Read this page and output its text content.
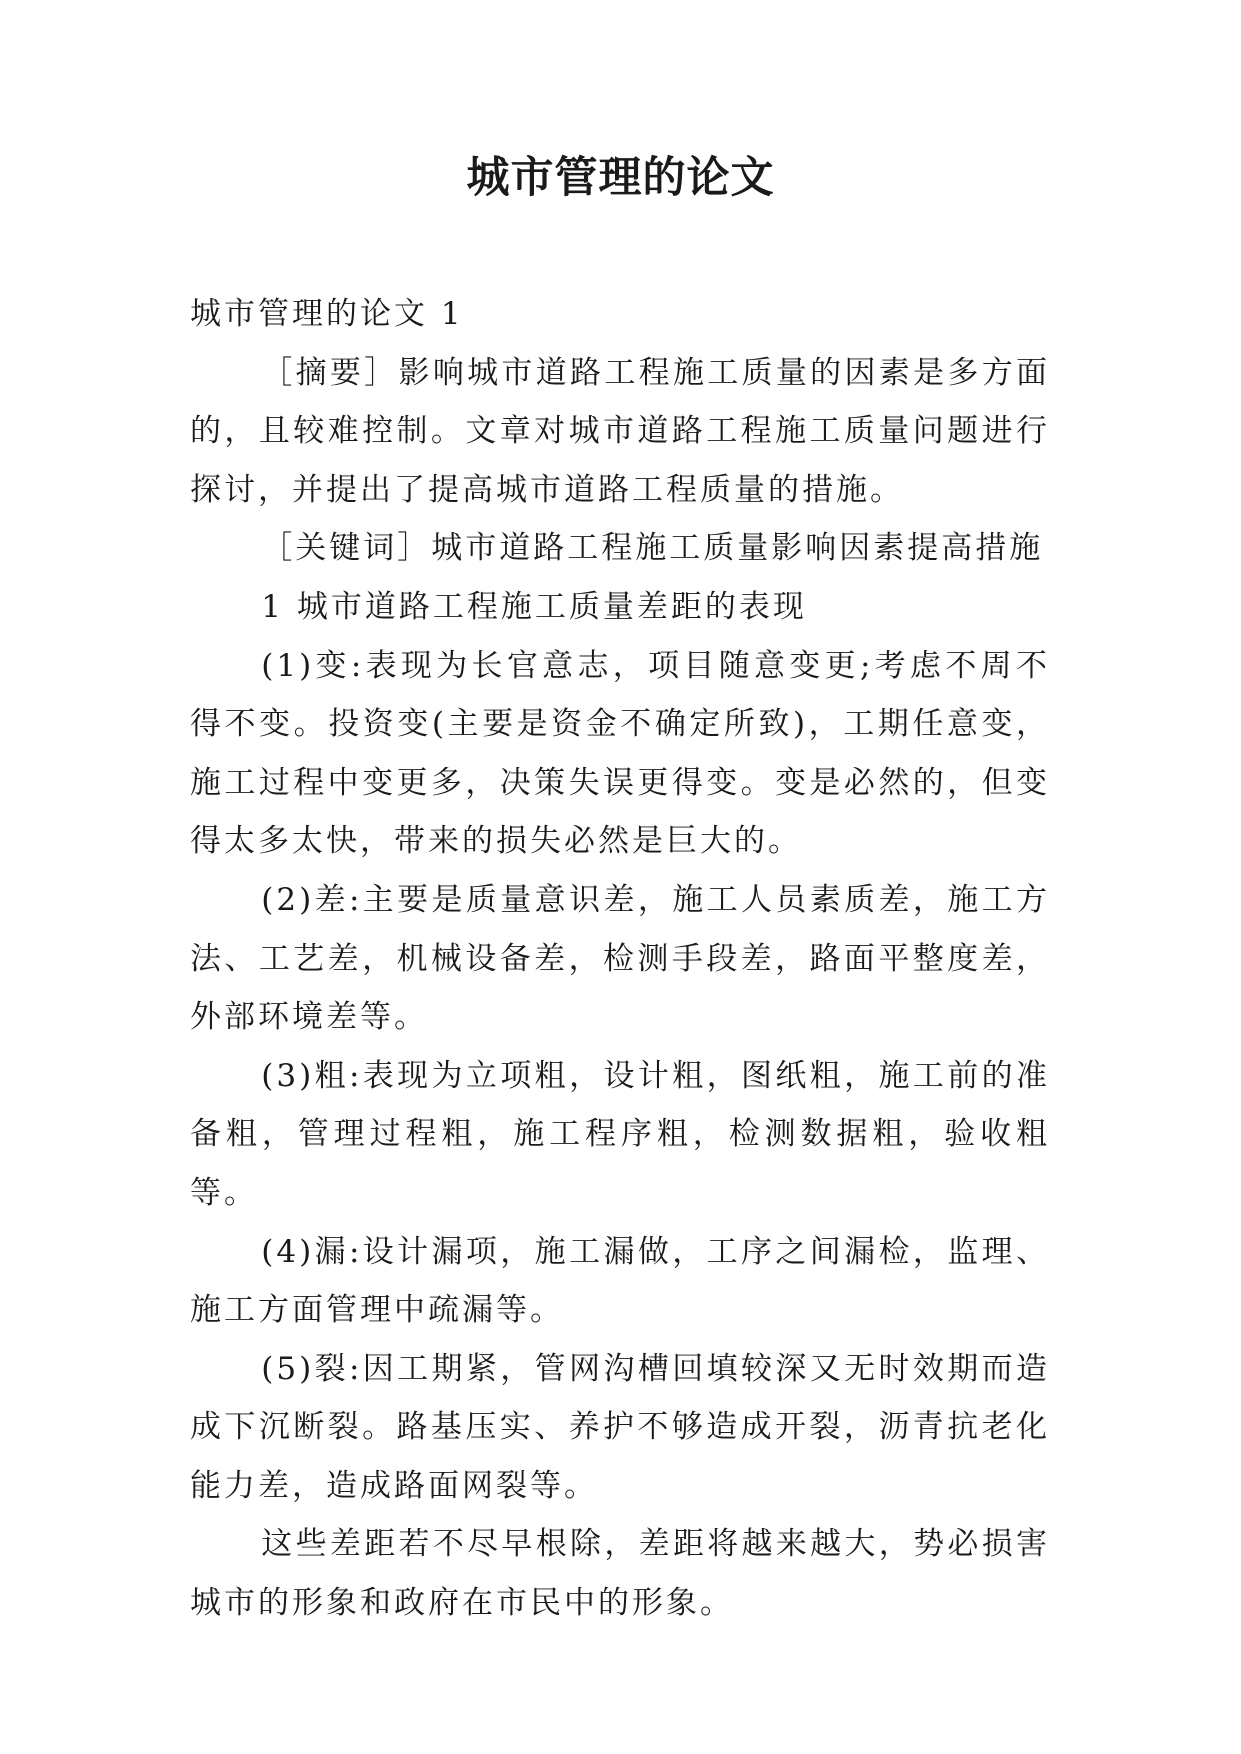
城市管理的论文

城市管理的论文 1

［摘要］影响城市道路工程施工质量的因素是多方面的，且较难控制。文章对城市道路工程施工质量问题进行探讨，并提出了提高城市道路工程质量的措施。

［关键词］城市道路工程施工质量影响因素提高措施

1 城市道路工程施工质量差距的表现

(1)变:表现为长官意志，项目随意变更;考虑不周不得不变。投资变(主要是资金不确定所致)，工期任意变，施工过程中变更多，决策失误更得变。变是必然的，但变得太多太快，带来的损失必然是巨大的。

(2)差:主要是质量意识差，施工人员素质差，施工方法、工艺差，机械设备差，检测手段差，路面平整度差，外部环境差等。

(3)粗:表现为立项粗，设计粗，图纸粗，施工前的准备粗，管理过程粗，施工程序粗，检测数据粗，验收粗等。

(4)漏:设计漏项，施工漏做，工序之间漏检，监理、施工方面管理中疏漏等。

(5)裂:因工期紧，管网沟槽回填较深又无时效期而造成下沉断裂。路基压实、养护不够造成开裂，沥青抗老化能力差，造成路面网裂等。

这些差距若不尽早根除，差距将越来越大，势必损害城市的形象和政府在市民中的形象。
